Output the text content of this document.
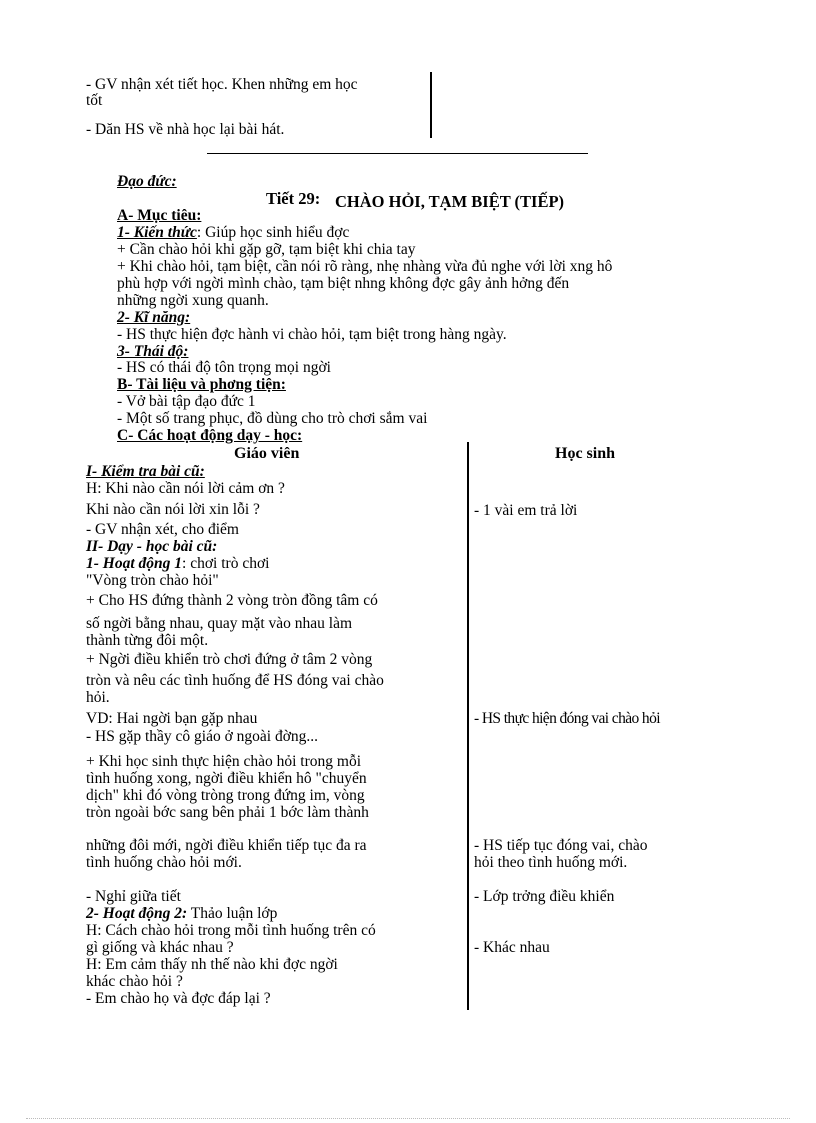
- GV nhận xét tiết học. Khen những em học
tốt
- Dăn HS về nhà học lại bài hát.
Đạo đức:
Tiết 29: CHÀO HỎI, TẠM BIỆT (TIẾP)
A- Mục tiêu:
1- Kiến thức: Giúp học sinh hiểu đợc
+ Cần chào hỏi khi gặp gỡ, tạm biệt khi chia tay
+ Khi chào hỏi, tạm biệt, cần nói rõ ràng, nhẹ nhàng vừa đủ nghe với lời xng hô
phù hợp với ngời mình chào, tạm biệt nhng không đợc gây ảnh hởng đến
những ngời xung quanh.
2- Kĩ năng:
- HS thực hiện đợc hành vi chào hỏi, tạm biệt trong hàng ngày.
3- Thái độ:
- HS có thái độ tôn trọng mọi ngời
B- Tài liệu và phơng tiện:
- Vở bài tập đạo đức 1
- Một số trang phục, đồ dùng cho trò chơi sắm vai
C- Các hoạt động dạy - học:
Giáo viên	Học sinh
I- Kiểm tra bài cũ:
H: Khi nào cần nói lời cảm ơn ?
Khi nào cần nói lời xin lỗi ?
- GV nhận xét, cho điểm
II- Dạy - học bài cũ:
1- Hoạt động 1: chơi trò chơi
"Vòng tròn chào hỏi"
+ Cho HS đứng thành 2 vòng tròn đồng tâm có
số ngời bằng nhau, quay mặt vào nhau làm
thành từng đôi một.
+ Ngời điều khiển trò chơi đứng ở tâm 2 vòng
tròn và nêu các tình huống để HS đóng vai chào
hỏi.
VD: Hai ngời bạn gặp nhau
- HS gặp thầy cô giáo ở ngoài đờng...
+ Khi học sinh thực hiện chào hỏi trong mỗi
tình huống xong, ngời điều khiển hô "chuyển
dịch" khi đó vòng tròng trong đứng im, vòng
tròn ngoài bớc sang bên phải 1 bớc làm thành
những đôi mới, ngời điều khiển tiếp tục đa ra
tình huống chào hỏi mới.
- Nghỉ giữa tiết
2- Hoạt động 2: Thảo luận lớp
H: Cách chào hỏi trong mỗi tình huống trên có
gì giống và khác nhau ?
H: Em cảm thấy nh thế nào khi đợc ngời
khác chào hỏi ?
- Em chào họ và đợc đáp lại ?
- 1 vài em trả lời
- HS thực hiện đóng vai chào hỏi
- HS tiếp tục đóng vai, chào
hỏi theo tình huống mới.
- Lớp trởng điều khiển
- Khác nhau
